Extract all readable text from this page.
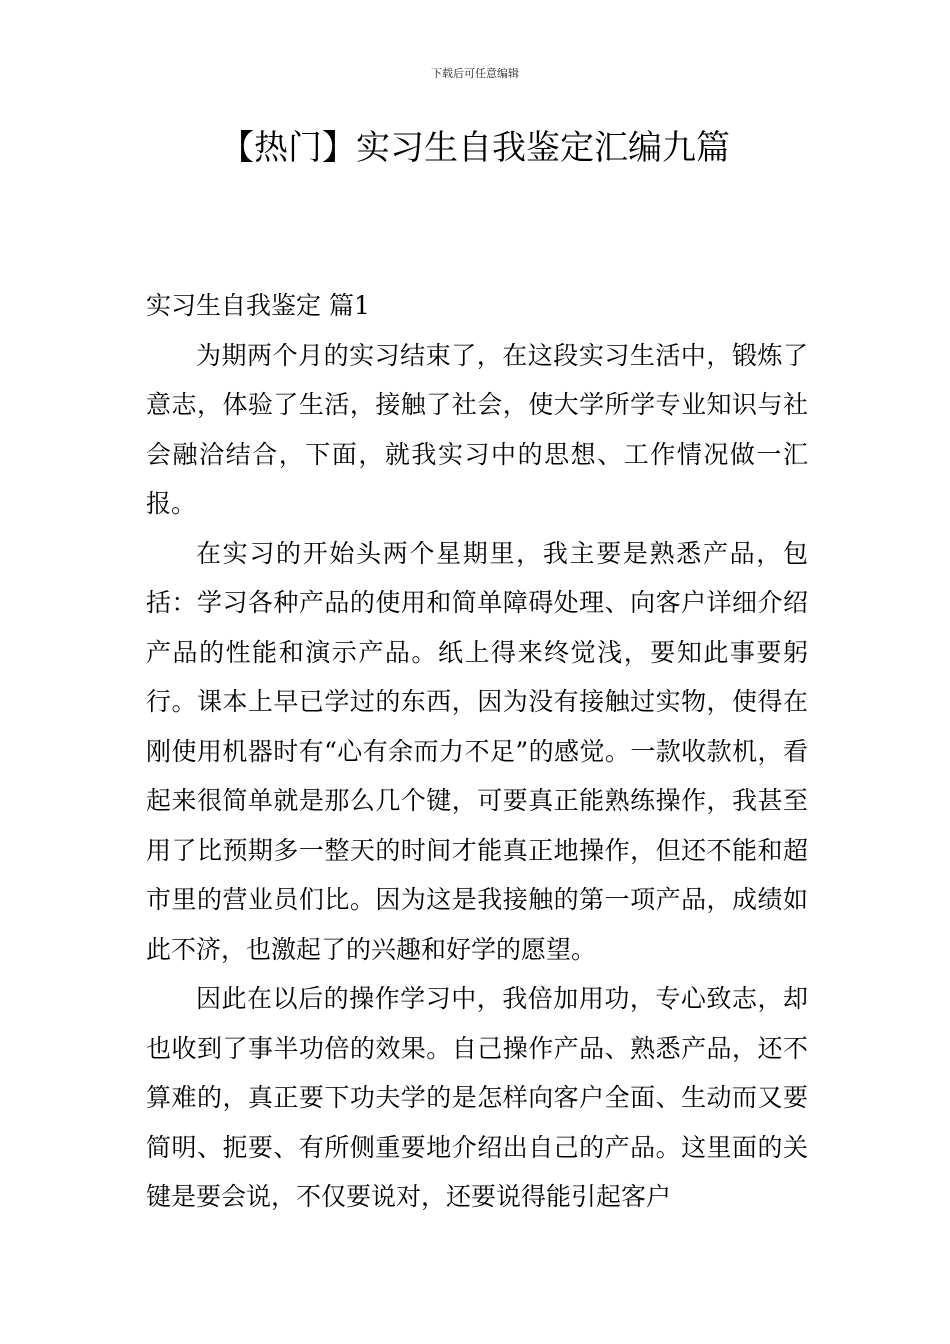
下载后可任意编辑
【热门】实习生自我鉴定汇编九篇
实习生自我鉴定 篇1

为期两个月的实习结束了，在这段实习生活中，锻炼了意志，体验了生活，接触了社会，使大学所学专业知识与社会融洽结合，下面，就我实习中的思想、工作情况做一汇报。

在实习的开始头两个星期里，我主要是熟悉产品，包括：学习各种产品的使用和简单障碍处理、向客户详细介绍产品的性能和演示产品。纸上得来终觉浅，要知此事要躬行。课本上早已学过的东西，因为没有接触过实物，使得在刚使用机器时有“心有余而力不足”的感觉。一款收款机，看起来很简单就是那么几个键，可要真正能熟练操作，我甚至用了比预期多一整天的时间才能真正地操作，但还不能和超市里的营业员们比。因为这是我接触的第一项产品，成绩如此不济，也激起了的兴趣和好学的愿望。

因此在以后的操作学习中，我倍加用功，专心致志，却也收到了事半功倍的效果。自己操作产品、熟悉产品，还不算难的，真正要下功夫学的是怎样向客户全面、生动而又要简明、扼要、有所侧重要地介绍出自己的产品。这里面的关键是要会说，不仅要说对，还要说得能引起客户
